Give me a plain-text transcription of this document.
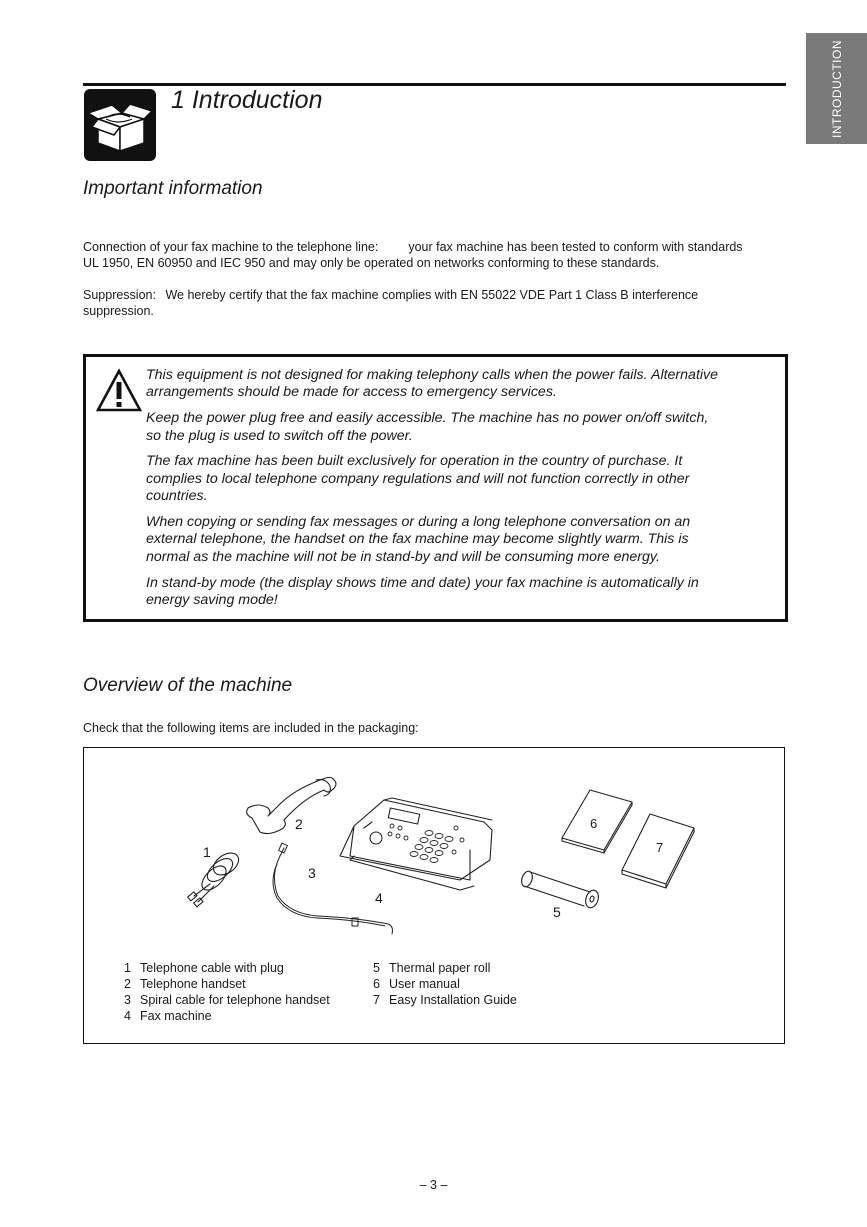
INTRODUCTION
1 Introduction
Important information

Connection of your fax machine to the telephone line: your fax machine has been tested to conform with standards
UL 1950, EN 60950 and IEC 950 and may only be operated on networks conforming to these standards.

Suppression: We hereby certify that the fax machine complies with EN 55022 VDE Part 1 Class B interference
suppression.

This equipment is not designed for making telephony calls when the power fails. Alternative arrangements should be made for access to emergency services.

Keep the power plug free and easily accessible. The machine has no power on/off switch, so the plug is used to switch off the power.

The fax machine has been built exclusively for operation in the country of purchase. It complies to local telephone company regulations and will not function correctly in other countries.

When copying or sending fax messages or during a long telephone conversation on an external telephone, the handset on the fax machine may become slightly warm. This is normal as the machine will not be in stand-by and will be consuming more energy.

In stand-by mode (the display shows time and date) your fax machine is automatically in energy saving mode!

Overview of the machine

Check that the following items are included in the packaging:

1
2
3
4
5
6
7
1 Telephone cable with plug
2 Telephone handset
3 Spiral cable for telephone handset
4 Fax machine
5 Thermal paper roll
6 User manual
7 Easy Installation Guide
– 3 –
